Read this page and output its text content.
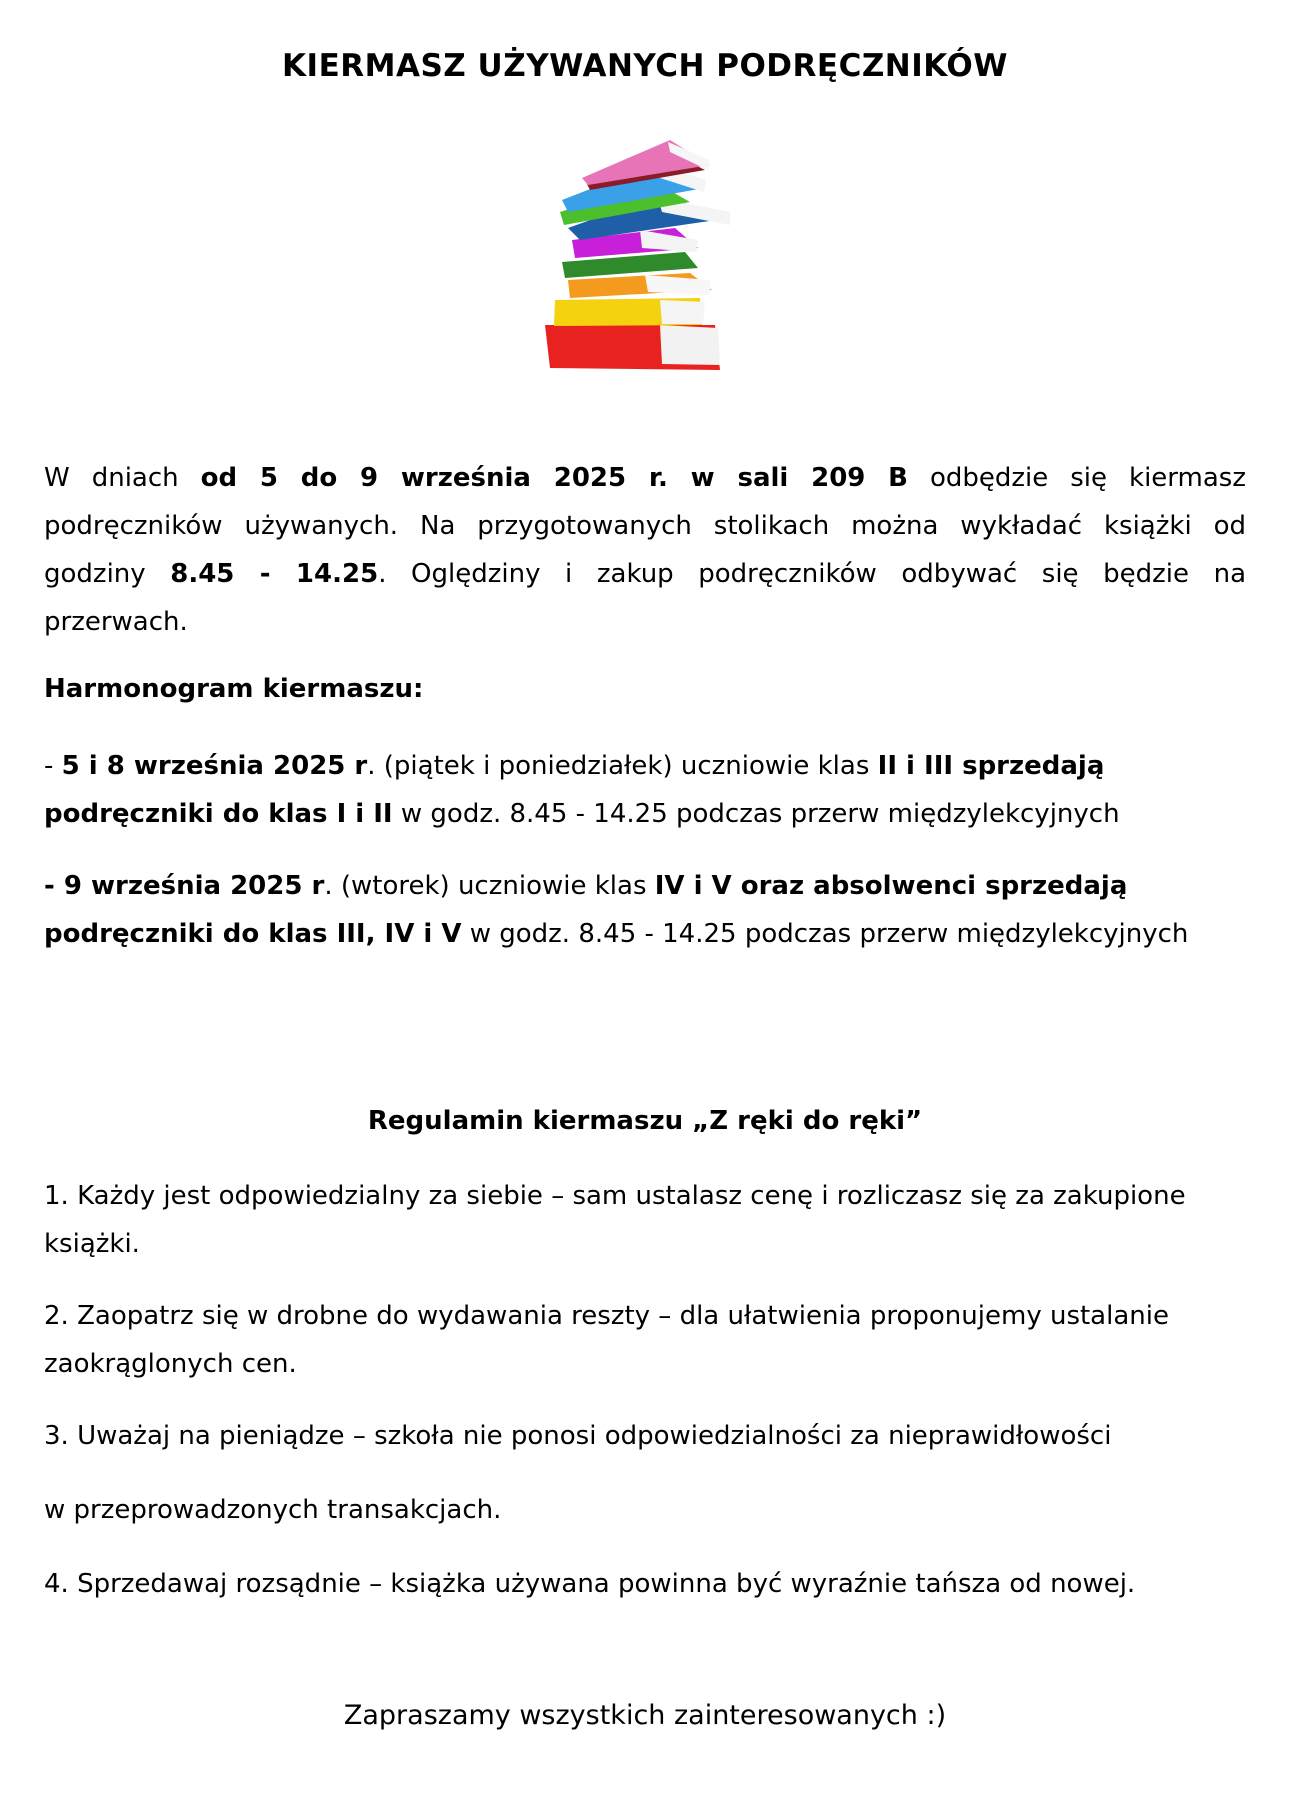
KIERMASZ UŻYWANYCH PODRĘCZNIKÓW
W dniach od 5 do 9 września 2025 r. w sali 209 B odbędzie się kiermasz podręczników używanych. Na przygotowanych stolikach można wykładać książki od godziny 8.45 - 14.25. Oględziny i zakup podręczników odbywać się będzie na przerwach.
Harmonogram kiermaszu:
- 5 i 8 września 2025 r. (piątek i poniedziałek) uczniowie klas II i III sprzedają podręczniki do klas I i II w godz. 8.45 - 14.25 podczas przerw międzylekcyjnych
- 9 września 2025 r. (wtorek) uczniowie klas IV i V oraz absolwenci sprzedają podręczniki do klas III, IV i V w godz. 8.45 - 14.25 podczas przerw międzylekcyjnych
Regulamin kiermaszu „Z ręki do ręki”
1. Każdy jest odpowiedzialny za siebie – sam ustalasz cenę i rozliczasz się za zakupione książki.
2. Zaopatrz się w drobne do wydawania reszty – dla ułatwienia proponujemy ustalanie zaokrąglonych cen.
3. Uważaj na pieniądze – szkoła nie ponosi odpowiedzialności za nieprawidłowości
w przeprowadzonych transakcjach.
4. Sprzedawaj rozsądnie – książka używana powinna być wyraźnie tańsza od nowej.
Zapraszamy wszystkich zainteresowanych :)
